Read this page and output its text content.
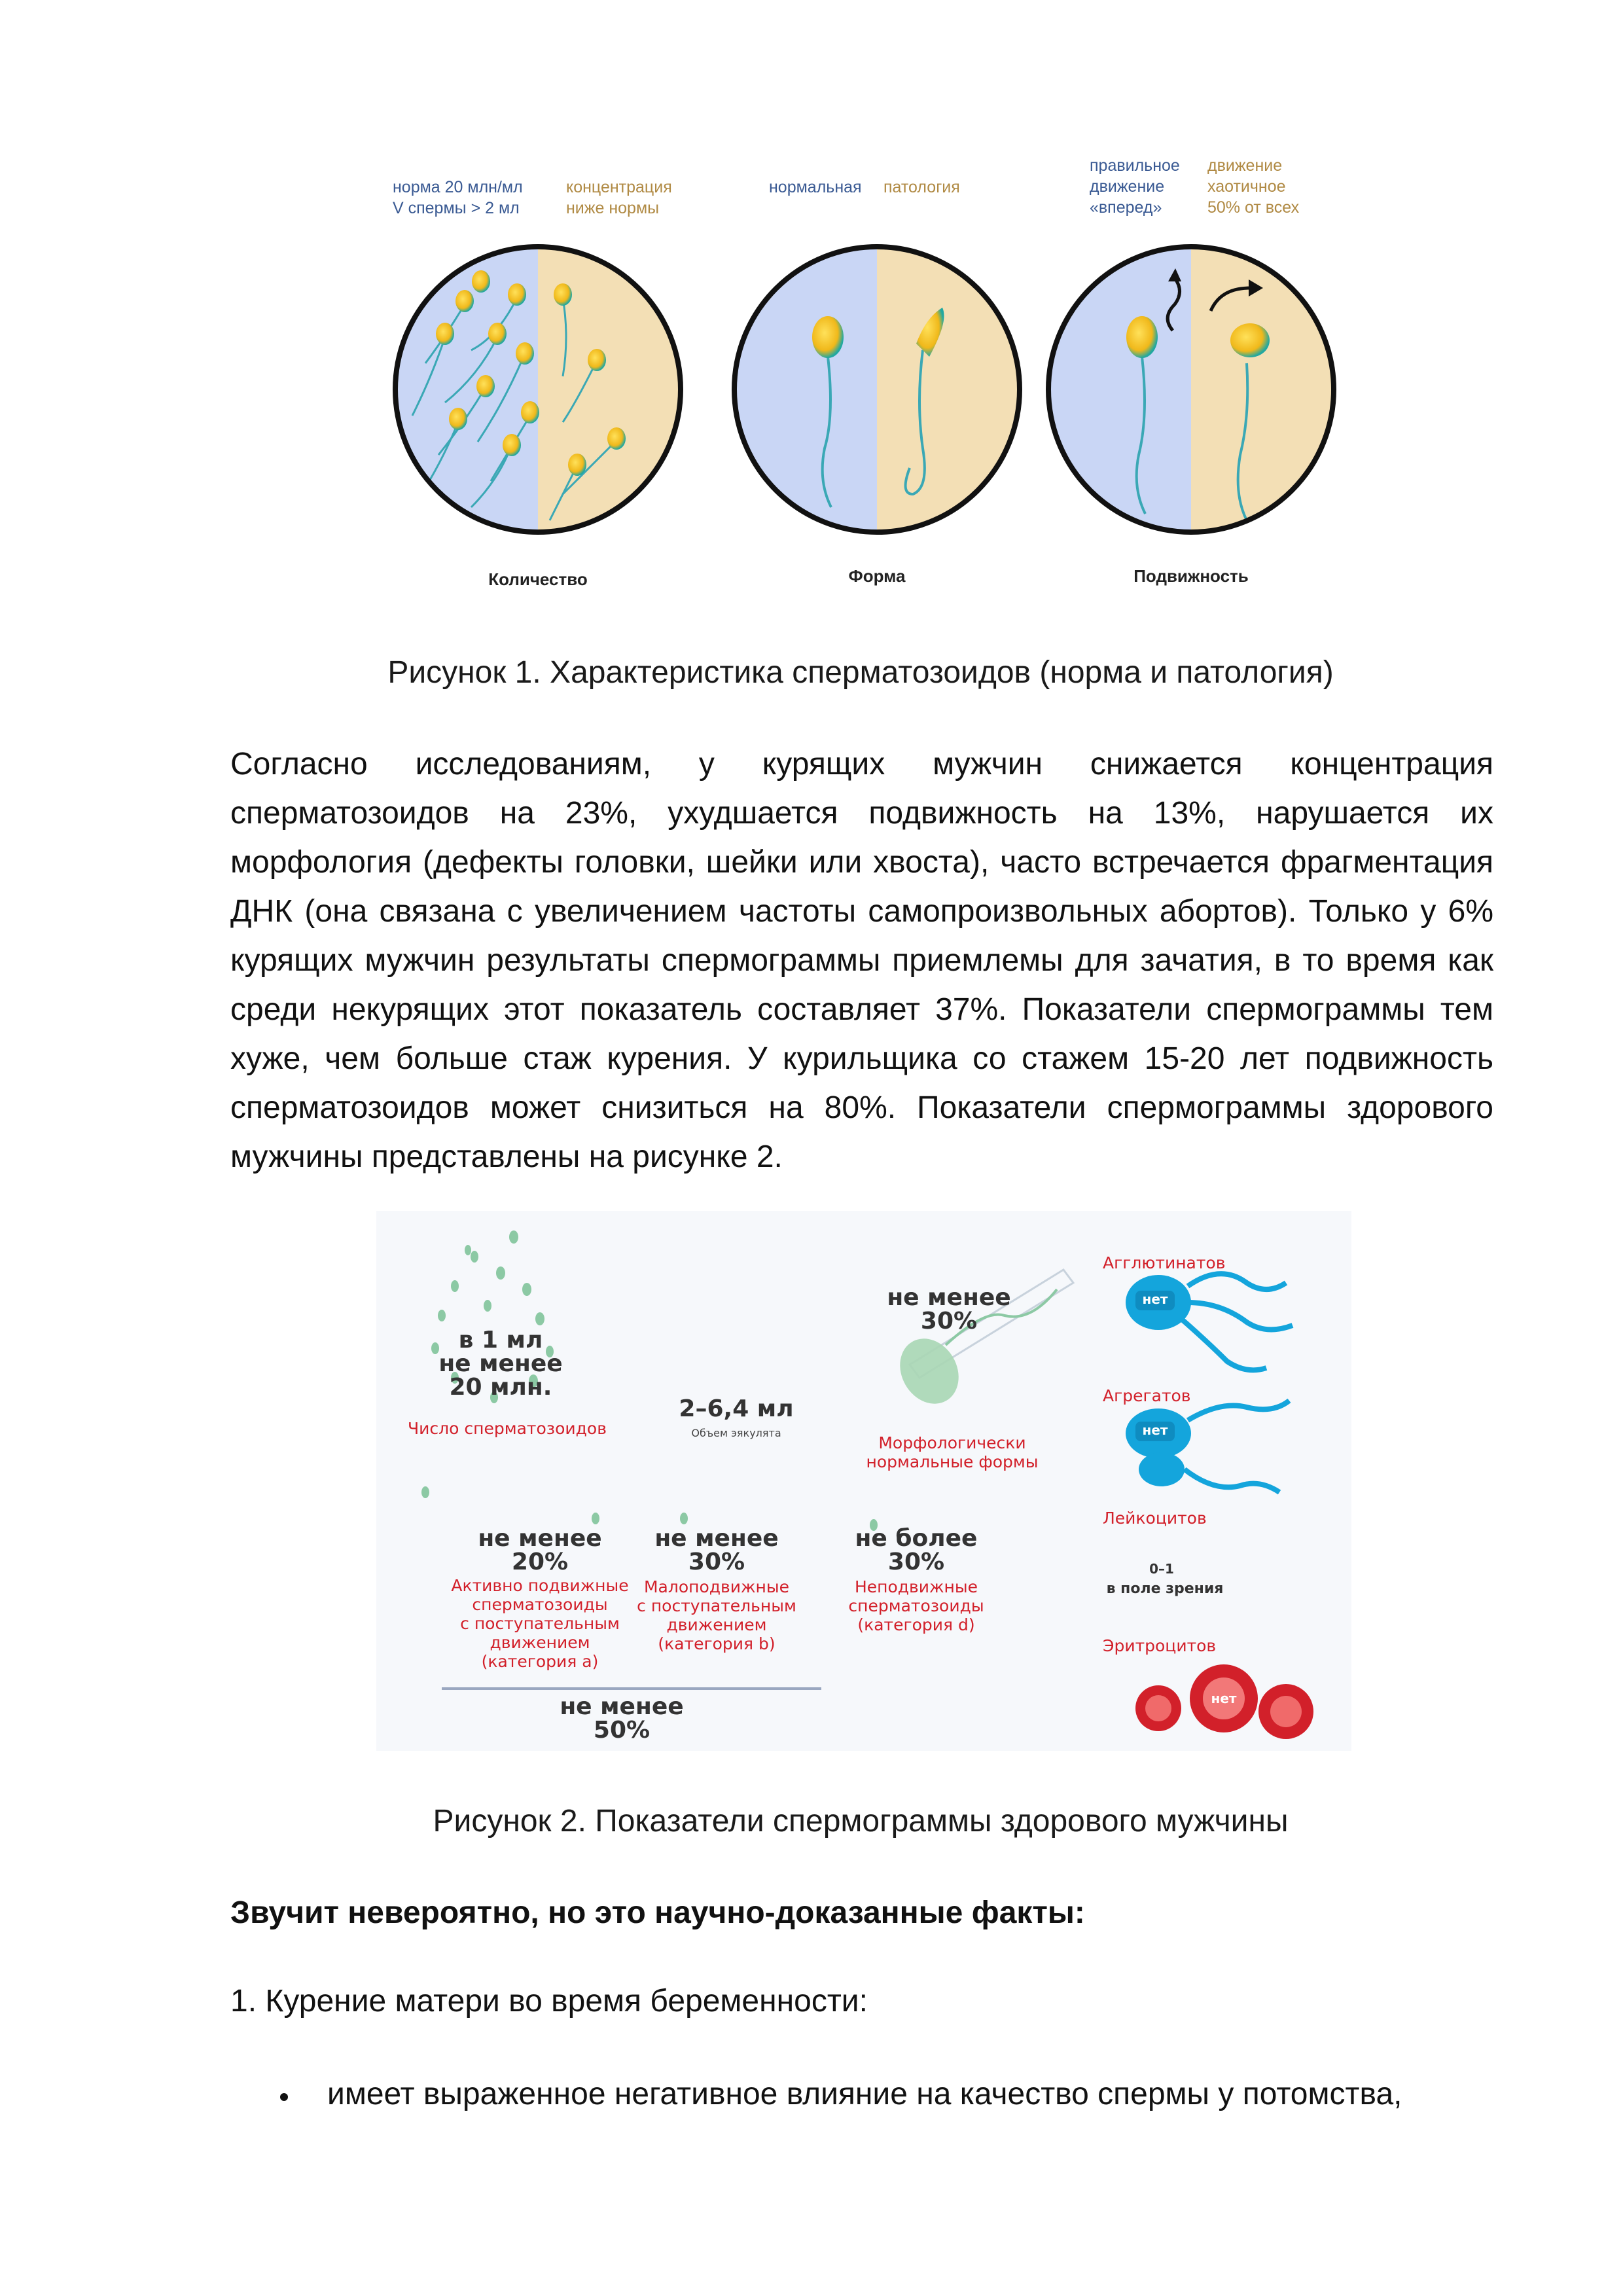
норма 20 млн/мл
V спермы > 2 мл
концентрация
ниже нормы
нормальная патология
правильное
движение
«вперед»
движение
хаотичное
50% от всех
Количество	Форма	Подвижность
Рисунок 1. Характеристика сперматозоидов (норма и патология)
Согласно исследованиям, у курящих мужчин снижается концентрация сперматозоидов на 23%, ухудшается подвижность на 13%, нарушается их морфология (дефекты головки, шейки или хвоста), часто встречается фрагментация ДНК (она связана с увеличением частоты самопроизвольных абортов). Только у 6% курящих мужчин результаты спермограммы приемлемы для зачатия, в то время как среди некурящих этот показатель составляет 37%. Показатели спермограммы тем хуже, чем больше стаж курения. У курильщика со стажем 15-20 лет подвижность сперматозоидов может снизиться на 80%. Показатели спермограммы здорового мужчины представлены на рисунке 2.
в 1 мл
не менее
20 млн.
Число сперматозоидов
2–6,4 мл
Объем эякулята
не менее
30%
Морфологически
нормальные формы
не менее
20%
Активно подвижные
сперматозоиды
с поступательным
движением
(категория a)
не менее
30%
Малоподвижные
с поступательным
движением
(категория b)
не более
30%
Неподвижные
сперматозоиды
(категория d)
не менее
50%
Агглютинатов
нет
Агрегатов
нет
Лейкоцитов
0–1
в поле зрения
Эритроцитов
нет
Рисунок 2. Показатели спермограммы здорового мужчины
Звучит невероятно, но это научно-доказанные факты:
1. Курение матери во время беременности:
имеет выраженное негативное влияние на качество спермы у потомства,
